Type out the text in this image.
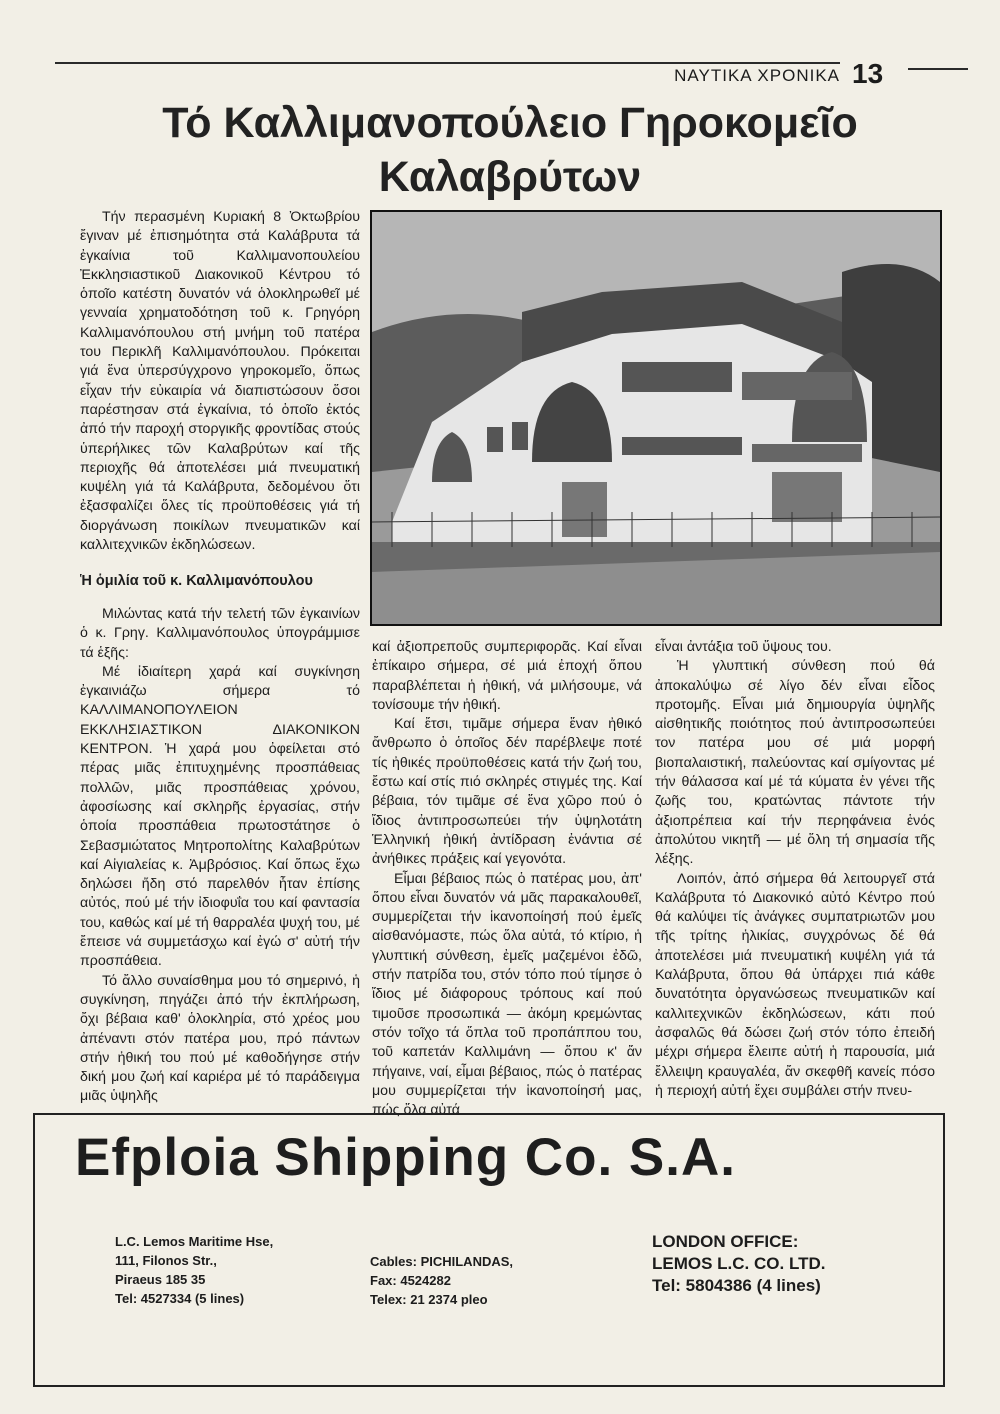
ΝΑΥΤΙΚΑ ΧΡΟΝΙΚΑ 13
Τό Καλλιμανοπούλειο Γηροκομεῖο Καλαβρύτων

Τήν περασμένη Κυριακή 8 Ὀκτωβρίου ἔγιναν μέ ἐπισημότητα στά Καλάβρυτα τά ἐγκαίνια τοῦ Καλλιμανοπουλείου Ἐκκλησιαστικοῦ Διακονικοῦ Κέντρου τό ὁποῖο κατέστη δυνατόν νά ὁλοκληρωθεῖ μέ γενναία χρηματοδότηση τοῦ κ. Γρηγόρη Καλλιμανόπουλου στή μνήμη τοῦ πατέρα του Περικλῆ Καλλιμανόπουλου. Πρόκειται γιά ἕνα ὑπερσύγχρονο γηροκομεῖο, ὅπως εἶχαν τήν εὐκαιρία νά διαπιστώσουν ὅσοι παρέστησαν στά ἐγκαίνια, τό ὁποῖο ἐκτός ἀπό τήν παροχή στοργικῆς φροντίδας στούς ὑπερήλικες τῶν Καλαβρύτων καί τῆς περιοχῆς θά ἀποτελέσει μιά πνευματική κυψέλη γιά τά Καλάβρυτα, δεδομένου ὅτι ἐξασφαλίζει ὅλες τίς προϋποθέσεις γιά τή διοργάνωση ποικίλων πνευματικῶν καί καλλιτεχνικῶν ἐκδηλώσεων.

Ἡ ὁμιλία τοῦ κ. Καλλιμανόπουλου

Μιλώντας κατά τήν τελετή τῶν ἐγκαινίων ὁ κ. Γρηγ. Καλλιμανόπουλος ὑπογράμμισε τά ἑξῆς:

Μέ ἰδιαίτερη χαρά καί συγκίνηση ἐγκαινιάζω σήμερα τό ΚΑΛΛΙΜΑΝΟΠΟΥΛΕΙΟΝ ΕΚΚΛΗΣΙΑΣΤΙΚΟΝ ΔΙΑΚΟΝΙΚΟΝ ΚΕΝΤΡΟΝ. Ἡ χαρά μου ὀφείλεται στό πέρας μιᾶς ἐπιτυχημένης προσπάθειας πολλῶν, μιᾶς προσπάθειας χρόνου, ἀφοσίωσης καί σκληρῆς ἐργασίας, στήν ὁποία προσπάθεια πρωτοστάτησε ὁ Σεβασμιώτατος Μητροπολίτης Καλαβρύτων καί Αἰγιαλείας κ. Ἀμβρόσιος. Καί ὅπως ἔχω δηλώσει ἤδη στό παρελθόν ἦταν ἐπίσης αὐτός, πού μέ τήν ἰδιοφυΐα του καί φαντασία του, καθώς καί μέ τή θαρραλέα ψυχή του, μέ ἔπεισε νά συμμετάσχω καί ἐγώ σ' αὐτή τήν προσπάθεια.

Τό ἄλλο συναίσθημα μου τό σημερινό, ἡ συγκίνηση, πηγάζει ἀπό τήν ἐκπλήρωση, ὄχι βέβαια καθ' ὁλοκληρία, στό χρέος μου ἀπέναντι στόν πατέρα μου, πρό πάντων στήν ἠθική του πού μέ καθοδήγησε στήν δική μου ζωή καί καριέρα μέ τό παράδειγμα μιᾶς ὑψηλῆς

καί ἀξιοπρεποῦς συμπεριφορᾶς. Καί εἶναι ἐπίκαιρο σήμερα, σέ μιά ἐποχή ὅπου παραβλέπεται ἡ ἠθική, νά μιλήσουμε, νά τονίσουμε τήν ἠθική.

Καί ἔτσι, τιμᾶμε σήμερα ἕναν ἠθικό ἄνθρωπο ὁ ὁποῖος δέν παρέβλεψε ποτέ τίς ἠθικές προϋποθέσεις κατά τήν ζωή του, ἔστω καί στίς πιό σκληρές στιγμές της. Καί βέβαια, τόν τιμᾶμε σέ ἕνα χῶρο πού ὁ ἴδιος ἀντιπροσωπεύει τήν ὑψηλοτάτη Ἑλληνική ἠθική ἀντίδραση ἐνάντια σέ ἀνήθικες πράξεις καί γεγονότα.

Εἶμαι βέβαιος πώς ὁ πατέρας μου, ἀπ' ὅπου εἶναι δυνατόν νά μᾶς παρακαλουθεῖ, συμμερίζεται τήν ἱκανοποίησή πού ἐμεῖς αἰσθανόμαστε, πώς ὅλα αὐτά, τό κτίριο, ἡ γλυπτική σύνθεση, ἐμεῖς μαζεμένοι ἐδῶ, στήν πατρίδα του, στόν τόπο πού τίμησε ὁ ἴδιος μέ διάφορους τρόπους καί πού τιμοῦσε προσωπικά — ἀκόμη κρεμώντας στόν τοῖχο τά ὅπλα τοῦ προπάππου του, τοῦ καπετάν Καλλιμάνη — ὅπου κ' ἄν πήγαινε, ναί, εἶμαι βέβαιος, πώς ὁ πατέρας μου συμμερίζεται τήν ἱκανοποίησή μας, πώς ὅλα αὐτά

εἶναι ἀντάξια τοῦ ὕψους του.

Ἡ γλυπτική σύνθεση πού θά ἀποκαλύψω σέ λίγο δέν εἶναι εἶδος προτομῆς. Εἶναι μιά δημιουργία ὑψηλῆς αἰσθητικῆς ποιότητος πού ἀντιπροσωπεύει τον πατέρα μου σέ μιά μορφή βιοπαλαιστική, παλεύοντας καί σμίγοντας μέ τήν θάλασσα καί μέ τά κύματα ἐν γένει τῆς ζωῆς του, κρατώντας πάντοτε τήν ἀξιοπρέπεια καί τήν περηφάνεια ἑνός ἀπολύτου νικητῆ — μέ ὅλη τή σημασία τῆς λέξης.

Λοιπόν, ἀπό σήμερα θά λειτουργεῖ στά Καλάβρυτα τό Διακονικό αὐτό Κέντρο πού θά καλύψει τίς ἀνάγκες συμπατριωτῶν μου τῆς τρίτης ἡλικίας, συγχρόνως δέ θά ἀποτελέσει μιά πνευματική κυψέλη γιά τά Καλάβρυτα, ὅπου θά ὑπάρχει πιά κάθε δυνατότητα ὀργανώσεως πνευματικῶν καί καλλιτεχνικῶν ἐκδηλώσεων, κάτι πού ἀσφαλῶς θά δώσει ζωή στόν τόπο ἐπειδή μέχρι σήμερα ἔλειπε αὐτή ἡ παρουσία, μιά ἔλλειψη κραυγαλέα, ἄν σκεφθῆ κανείς πόσο ἡ περιοχή αὐτή ἔχει συμβάλει στήν πνευ-

Efploia Shipping Co. S.A.
L.C. Lemos Maritime Hse,
111, Filonos Str.,
Piraeus 185 35
Tel: 4527334 (5 lines)
Cables: PICHILANDAS,
Fax: 4524282
Telex: 21 2374 pleo
LONDON OFFICE:
LEMOS L.C. CO. LTD.
Tel: 5804386 (4 lines)
